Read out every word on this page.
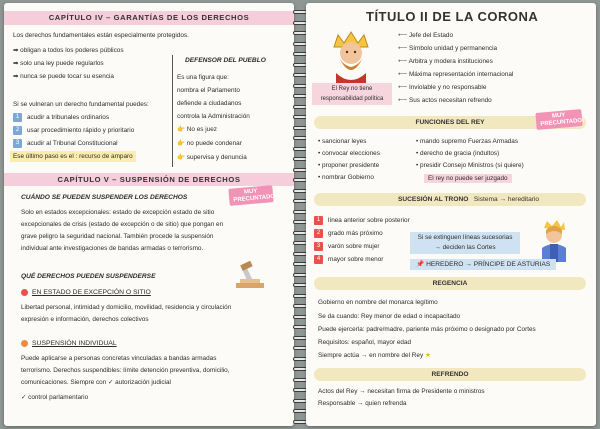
CAPÍTULO IV – GARANTÍAS DE LOS DERECHOS
Los derechos fundamentales están especialmente protegidos.
➡ obligan a todos los poderes públicos
➡ solo una ley puede regularlos
➡ nunca se puede tocar su esencia
Si se vulneran un derecho fundamental puedes:
1 acudir a tribunales ordinarios
2 usar procedimiento rápido y prioritario
3 acudir al Tribunal Constitucional
Ese último paso es el : recurso de amparo
DEFENSOR DEL PUEBLO
Es una figura que:
nombra el Parlamento
defiende a ciudadanos
controla la Administración
👉 No es juez
👉 no puede condenar
👉 supervisa y denuncia
CAPÍTULO V – SUSPENSIÓN DE DERECHOS
CUÁNDO SE PUEDEN SUSPENDER LOS DERECHOS
MUY PRECUNTADO!
Solo en estados excepcionales: estado de excepción estado de sitio
excepcionales de crisis (estado de excepción o de sitio) que pongan en
grave peligro la seguridad nacional. También procede la suspensión
individual ante investigaciones de bandas armadas o terrorismo.
QUÉ DERECHOS PUEDEN SUSPENDERSE
EN ESTADO DE EXCEPCIÓN O SITIO
Libertad personal, intimidad y domicilio, movilidad, residencia y circulación
expresión e información, derechos colectivos
SUSPENSIÓN INDIVIDUAL
Puede aplicarse a personas concretas vinculadas a bandas armadas
terrorismo. Derechos suspendibles: límite detención preventiva, domicilio,
comunicaciones. Siempre con ✓ autorización judicial
✓ control parlamentario
TÍTULO II DE LA CORONA
El Rey no tiene
responsabilidad política
⟵ Jefe del Estado
⟵ Símbolo unidad y permanencia
⟵ Arbitra y modera instituciones
⟵ Máxima representación internacional
⟵ Inviolable y no responsable
⟵ Sus actos necesitan refrendo
FUNCIONES DEL REY
MUY PRECUNTADO!
• sancionar leyes
• convocar elecciones
• proponer presidente
• nombrar Gobierno
• mando supremo Fuerzas Armadas
• derecho de gracia (indultos)
• presidir Consejo Ministros (si quiere)
El rey no puede ser juzgado
SUCESIÓN AL TRONO Sistema → hereditario
1 línea anterior sobre posterior
2 grado más próximo
3 varón sobre mujer
4 mayor sobre menor
Si se extinguen líneas sucesorias
→ deciden las Cortes
📌 HEREDERO → PRÍNCIPE DE ASTURIAS
REGENCIA
Gobierno en nombre del monarca legítimo
Se da cuando: Rey menor de edad o incapacitado
Puede ejercerla: padre/madre, pariente más próximo o designado por Cortes
Requisitos: español, mayor edad
Siempre actúa → en nombre del Rey ★
REFRENDO
Actos del Rey → necesitan firma de Presidente o ministros
Responsable → quien refrenda
